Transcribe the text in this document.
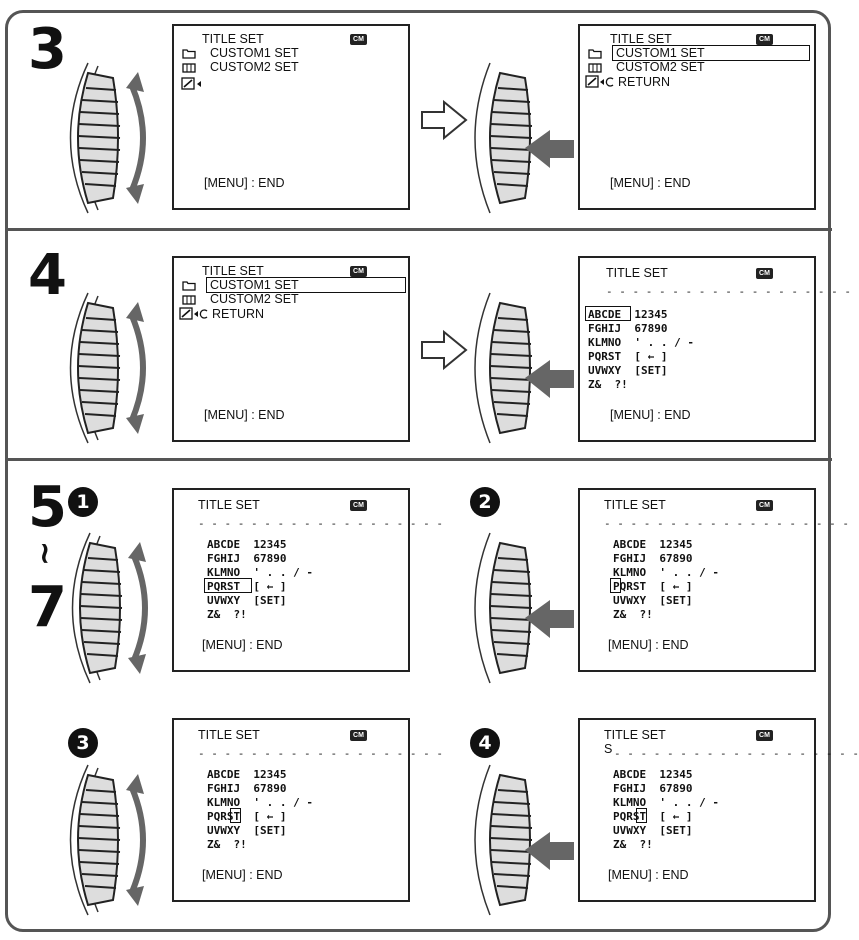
3
4
5
~
7
1	2
3	4
TITLE SET	CM
CUSTOM1 SET
CUSTOM2 SET
[MENU] : END
TITLE SET	CM
CUSTOM1 SET
CUSTOM2 SET
RETURN
[MENU] : END
TITLE SET	CM
CUSTOM1 SET
CUSTOM2 SET
RETURN
[MENU] : END
TITLE SET	CM
- - - - - - - - - - - - - - - - - - -
ABCDE  12345
FGHIJ  67890
KLMNO  ' . . / -
PQRST  [ ← ]
UVWXY  [SET]
Z&  ?!
[MENU] : END
TITLE SET	CM
- - - - - - - - - - - - - - - - - - -
ABCDE  12345
FGHIJ  67890
KLMNO  ' . . / -
PQRST  [ ← ]
UVWXY  [SET]
Z&  ?!
[MENU] : END
TITLE SET	CM
- - - - - - - - - - - - - - - - - - -
ABCDE  12345
FGHIJ  67890
KLMNO  ' . . / -
PQRST  [ ← ]
UVWXY  [SET]
Z&  ?!
[MENU] : END
TITLE SET	CM
- - - - - - - - - - - - - - - - - - -
ABCDE  12345
FGHIJ  67890
KLMNO  ' . . / -
PQRST  [ ← ]
UVWXY  [SET]
Z&  ?!
[MENU] : END
TITLE SET	CM
S - - - - - - - - - - - - - - - - - - -
ABCDE  12345
FGHIJ  67890
KLMNO  ' . . / -
PQRST  [ ← ]
UVWXY  [SET]
Z&  ?!
[MENU] : END
